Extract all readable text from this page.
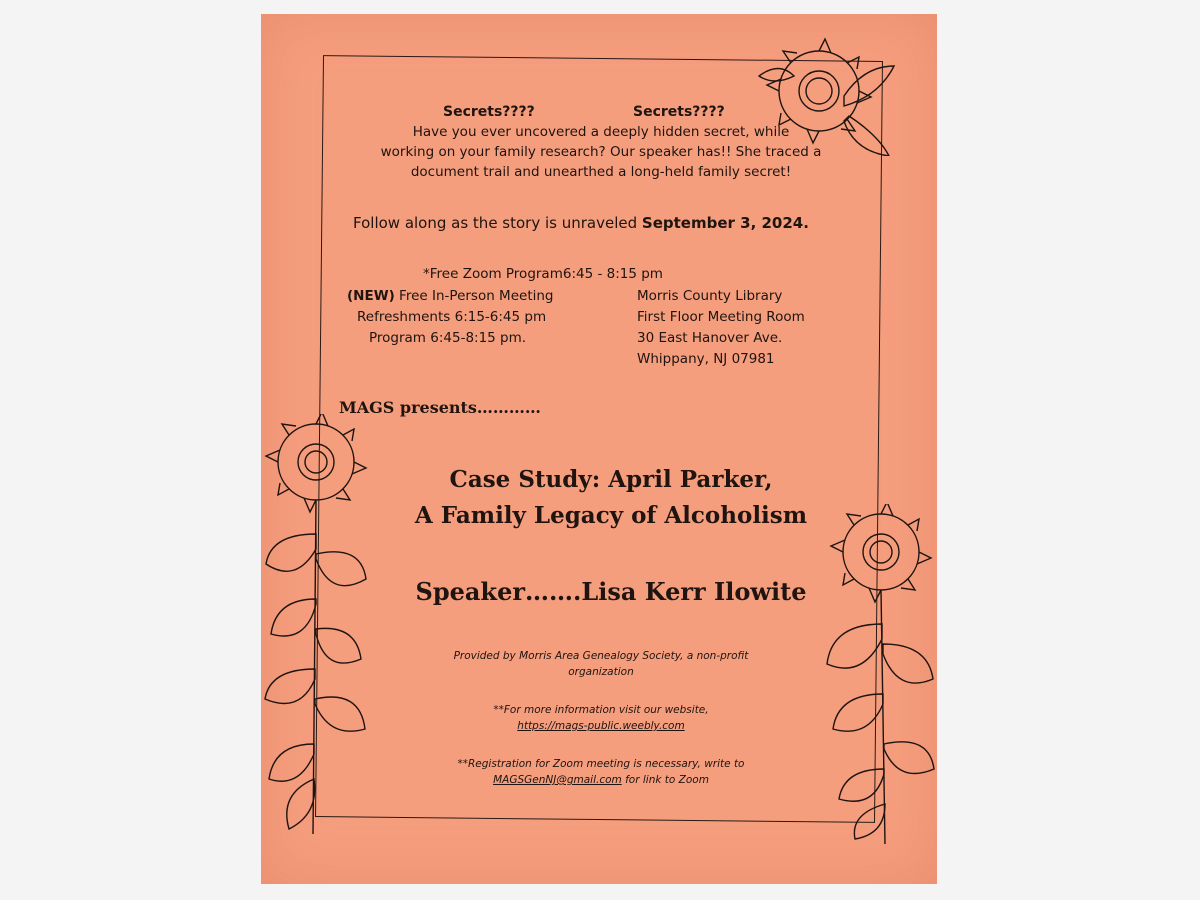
Secrets????	Secrets????
Have you ever uncovered a deeply hidden secret, while
working on your family research? Our speaker has!! She traced a
document trail and unearthed a long-held family secret!
Follow along as the story is unraveled September 3, 2024.
*Free Zoom Program6:45 - 8:15 pm
(NEW) Free In-Person Meeting
Refreshments 6:15-6:45 pm
Program 6:45-8:15 pm.
Morris County Library
First Floor Meeting Room
30 East Hanover Ave.
Whippany, NJ 07981
MAGS presents…………
Case Study: April Parker,
A Family Legacy of Alcoholism
Speaker…….Lisa Kerr Ilowite
Provided by Morris Area Genealogy Society, a non-profit
organization
**For more information visit our website,
https://mags-public.weebly.com
**Registration for Zoom meeting is necessary, write to
MAGSGenNJ@gmail.com for link to Zoom
